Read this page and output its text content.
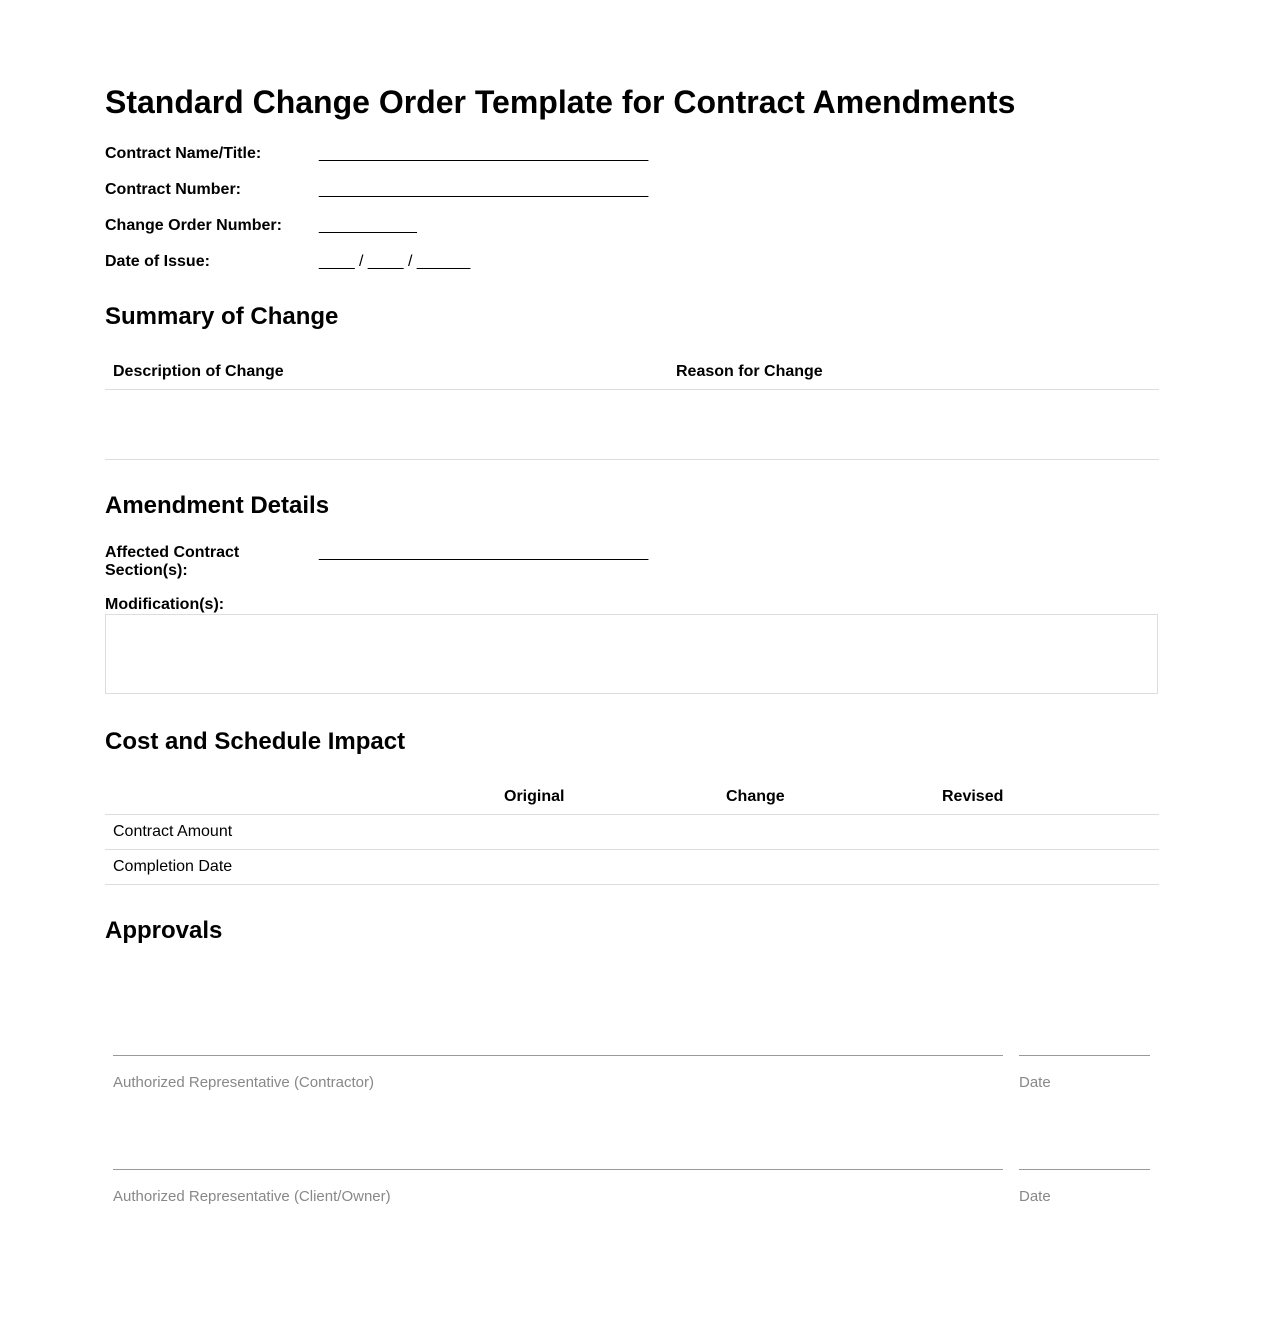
Standard Change Order Template for Contract Amendments
Contract Name/Title:	_____________________________________
Contract Number:	_____________________________________
Change Order Number:	___________
Date of Issue:	____ / ____ / ______
Summary of Change
Description of Change	Reason for Change
Amendment Details
Affected Contract
Section(s):
_____________________________________
Modification(s):
Cost and Schedule Impact
Original	Change	Revised
Contract Amount
Completion Date
Approvals
Authorized Representative (Contractor)	Date
Authorized Representative (Client/Owner)	Date
